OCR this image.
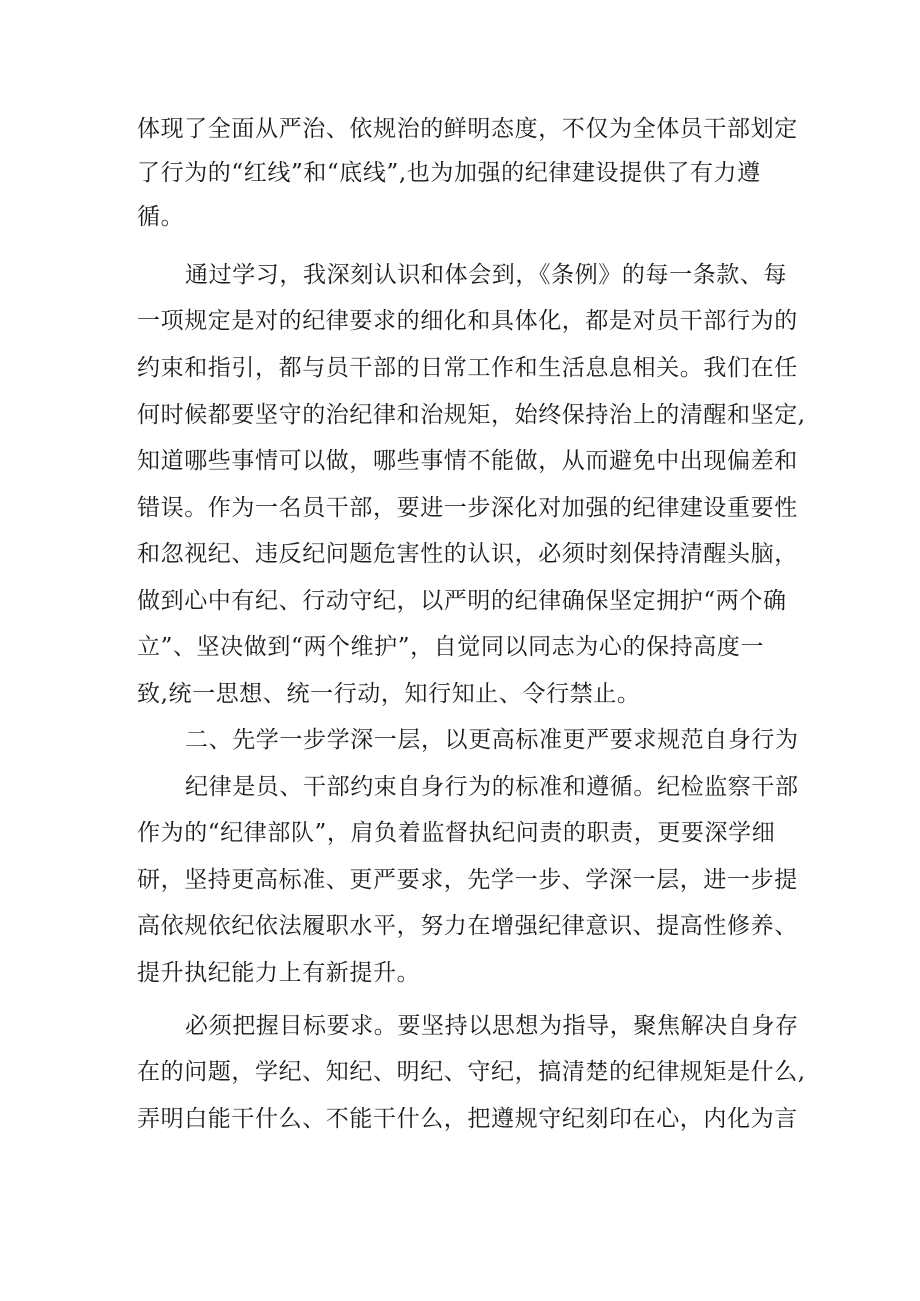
体现了全面从严治、依规治的鲜明态度，不仅为全体员干部划定

了行为的“红线”和“底线”,也为加强的纪律建设提供了有力遵

循。

通过学习，我深刻认识和体会到，《条例》的每一条款、每

一项规定是对的纪律要求的细化和具体化，都是对员干部行为的

约束和指引，都与员干部的日常工作和生活息息相关。我们在任

何时候都要坚守的治纪律和治规矩，始终保持治上的清醒和坚定,

知道哪些事情可以做，哪些事情不能做，从而避免中出现偏差和

错误。作为一名员干部，要进一步深化对加强的纪律建设重要性

和忽视纪、违反纪问题危害性的认识，必须时刻保持清醒头脑，

做到心中有纪、行动守纪，以严明的纪律确保坚定拥护“两个确

立”、坚决做到“两个维护”，自觉同以同志为心的保持高度一

致,统一思想、统一行动，知行知止、令行禁止。

二、先学一步学深一层，以更高标准更严要求规范自身行为

纪律是员、干部约束自身行为的标准和遵循。纪检监察干部

作为的“纪律部队”，肩负着监督执纪问责的职责，更要深学细

研，坚持更高标准、更严要求，先学一步、学深一层，进一步提

高依规依纪依法履职水平，努力在增强纪律意识、提高性修养、

提升执纪能力上有新提升。

必须把握目标要求。要坚持以思想为指导，聚焦解决自身存

在的问题，学纪、知纪、明纪、守纪，搞清楚的纪律规矩是什么,

弄明白能干什么、不能干什么，把遵规守纪刻印在心，内化为言
